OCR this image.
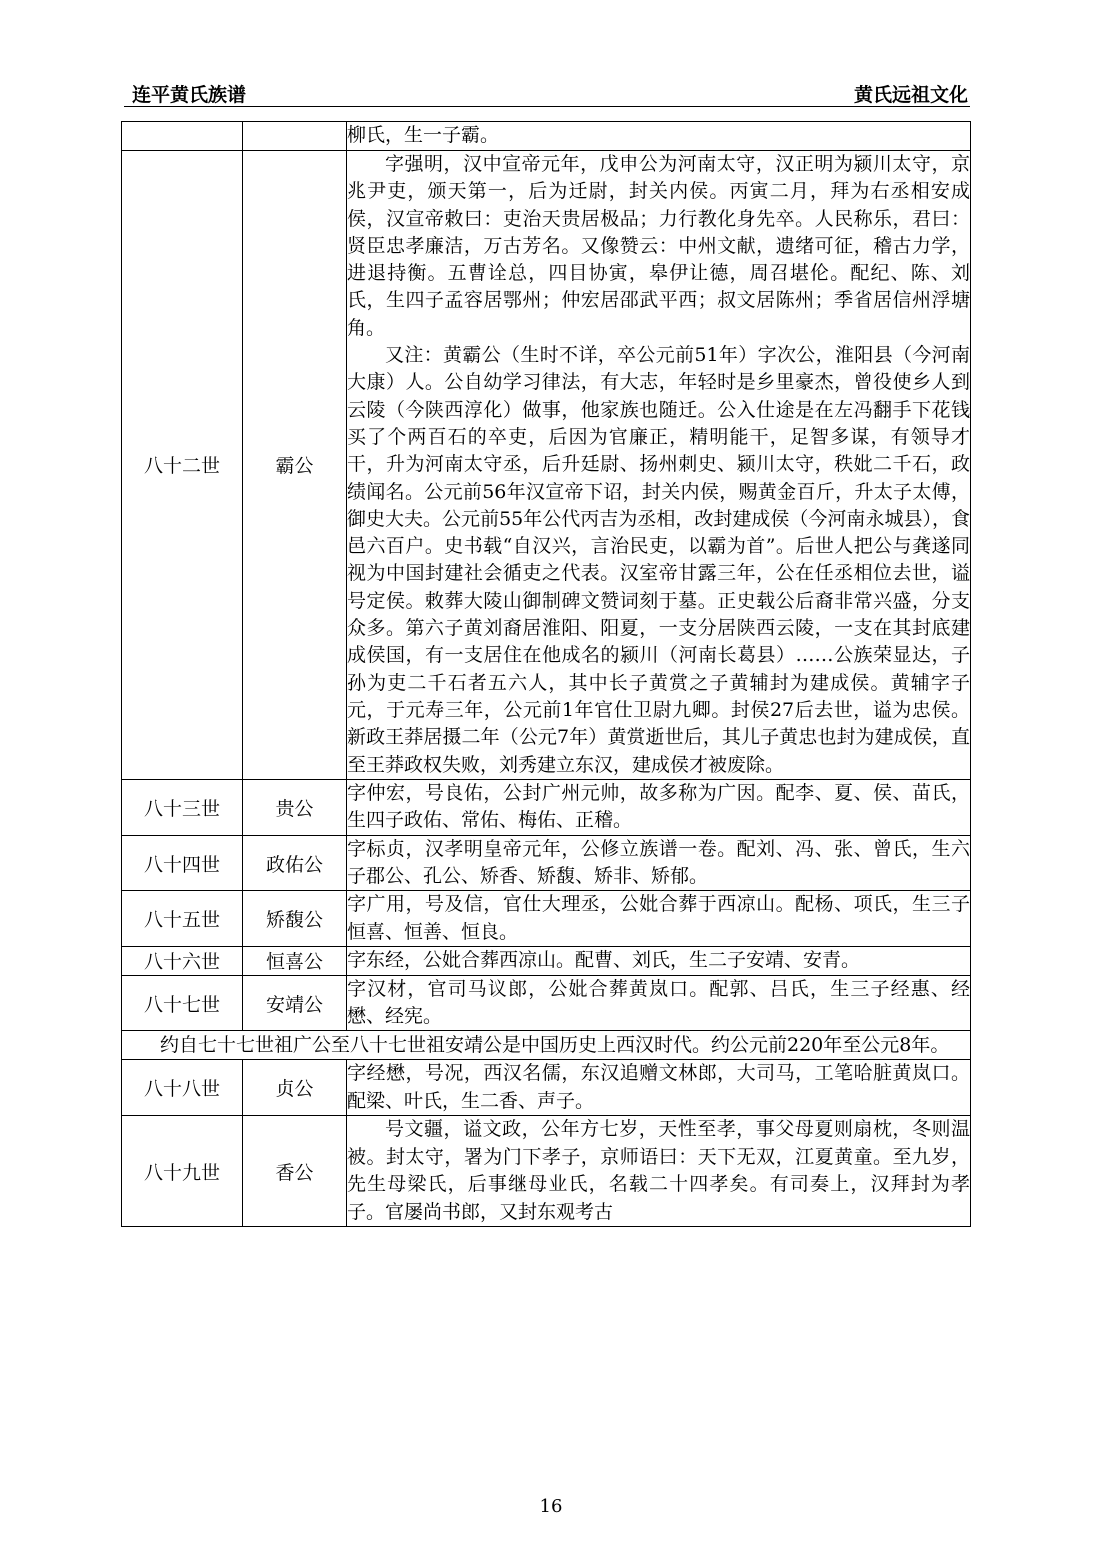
连平黄氏族谱	黄氏远祖文化

		柳氏，生一子霸。

八十二世	霸公	字强明，汉中宣帝元年，戊申公为河南太守，汉正明为颍川太守，京兆尹吏，颁天第一，后为迁尉，封关内侯。丙寅二月，拜为右丞相安成侯，汉宣帝敕曰：吏治天贵居极品；力行教化身先卒。人民称乐，君曰：贤臣忠孝廉洁，万古芳名。又像赞云：中州文献，遗绪可征，稽古力学，进退持衡。五曹诠总，四目协寅，皋伊让德，周召堪伦。配纪、陈、刘氏，生四子孟容居鄂州；仲宏居邵武平西；叔文居陈州；季省居信州浮塘角。

又注：黄霸公（生时不详，卒公元前51年）字次公，淮阳县（今河南大康）人。公自幼学习律法，有大志，年轻时是乡里豪杰，曾役使乡人到云陵（今陕西淳化）做事，他家族也随迁。公入仕途是在左冯翻手下花钱买了个两百石的卒吏，后因为官廉正，精明能干，足智多谋，有领导才干，升为河南太守丞，后升廷尉、扬州刺史、颍川太守，秩妣二千石，政绩闻名。公元前56年汉宣帝下诏，封关内侯，赐黄金百斤，升太子太傅，御史大夫。公元前55年公代丙吉为丞相，改封建成侯（今河南永城县），食邑六百户。史书载“自汉兴，言治民吏，以霸为首”。后世人把公与龚遂同视为中国封建社会循吏之代表。汉室帝甘露三年，公在任丞相位去世，谥号定侯。敕葬大陵山御制碑文赞词刻于墓。正史载公后裔非常兴盛，分支众多。第六子黄刘裔居淮阳、阳夏，一支分居陕西云陵，一支在其封底建成侯国，有一支居住在他成名的颍川（河南长葛县）……公族荣显达，子孙为吏二千石者五六人，其中长子黄赏之子黄辅封为建成侯。黄辅字子元，于元寿三年，公元前1年官仕卫尉九卿。封侯27后去世，谥为忠侯。新政王莽居摄二年（公元7年）黄赏逝世后，其儿子黄忠也封为建成侯，直至王莽政权失败，刘秀建立东汉，建成侯才被废除。

八十三世	贵公	字仲宏，号良佑，公封广州元帅，故多称为广因。配李、夏、侯、苗氏，生四子政佑、常佑、梅佑、正稽。

八十四世	政佑公	字标贞，汉孝明皇帝元年，公修立族谱一卷。配刘、冯、张、曾氏，生六子郡公、孔公、矫香、矫馥、矫非、矫郁。

八十五世	矫馥公	字广用，号及信，官仕大理丞，公妣合葬于西凉山。配杨、项氏，生三子恒喜、恒善、恒良。

八十六世	恒喜公	字东经，公妣合葬西凉山。配曹、刘氏，生二子安靖、安青。

八十七世	安靖公	字汉材，官司马议郎，公妣合葬黄岚口。配郭、吕氏，生三子经惠、经懋、经宪。

约自七十七世祖广公至八十七世祖安靖公是中国历史上西汉时代。约公元前220年至公元8年。		
八十八世	贞公	字经懋，号况，西汉名儒，东汉追赠文林郎，大司马，工笔哈脏黄岚口。配梁、叶氏，生二香、声子。

八十九世	香公	号文疆，谥文政，公年方七岁，天性至孝，事父母夏则扇枕，冬则温被。封太守，署为门下孝子，京师语曰：天下无双，江夏黄童。至九岁，先生母梁氏，后事继母业氏，名载二十四孝矣。有司奏上，汉拜封为孝子。官屡尚书郎，又封东观考古

16
